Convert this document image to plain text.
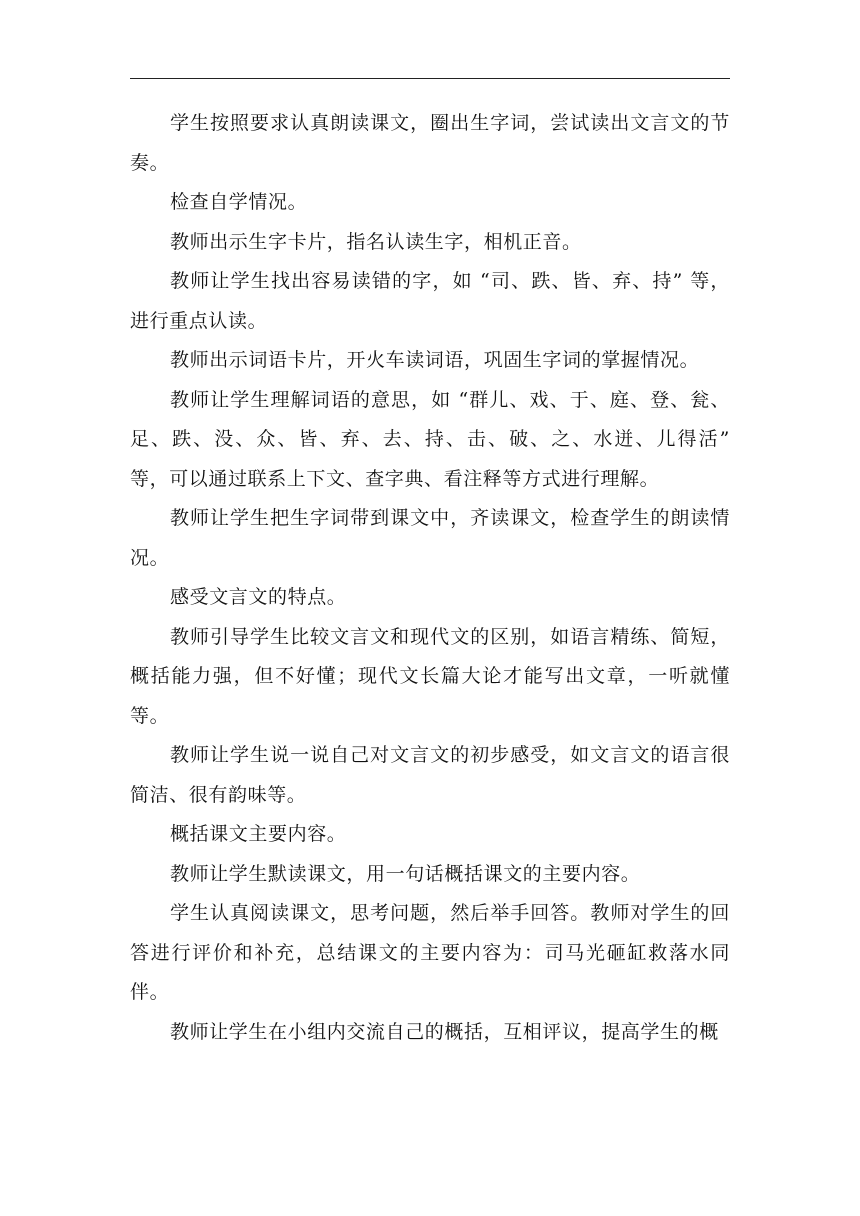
学生按照要求认真朗读课文，圈出生字词，尝试读出文言文的节奏。

检查自学情况。

教师出示生字卡片，指名认读生字，相机正音。

教师让学生找出容易读错的字，如 “司、跌、皆、弃、持” 等，进行重点认读。

教师出示词语卡片，开火车读词语，巩固生字词的掌握情况。

教师让学生理解词语的意思，如 “群儿、戏、于、庭、登、瓮、足、跌、没、众、皆、弃、去、持、击、破、之、水迸、儿得活” 等，可以通过联系上下文、查字典、看注释等方式进行理解。

教师让学生把生字词带到课文中，齐读课文，检查学生的朗读情况。

感受文言文的特点。

教师引导学生比较文言文和现代文的区别，如语言精练、简短，概括能力强，但不好懂；现代文长篇大论才能写出文章，一听就懂等。

教师让学生说一说自己对文言文的初步感受，如文言文的语言很简洁、很有韵味等。

概括课文主要内容。

教师让学生默读课文，用一句话概括课文的主要内容。

学生认真阅读课文，思考问题，然后举手回答。教师对学生的回答进行评价和补充，总结课文的主要内容为：司马光砸缸救落水同伴。

教师让学生在小组内交流自己的概括，互相评议，提高学生的概
